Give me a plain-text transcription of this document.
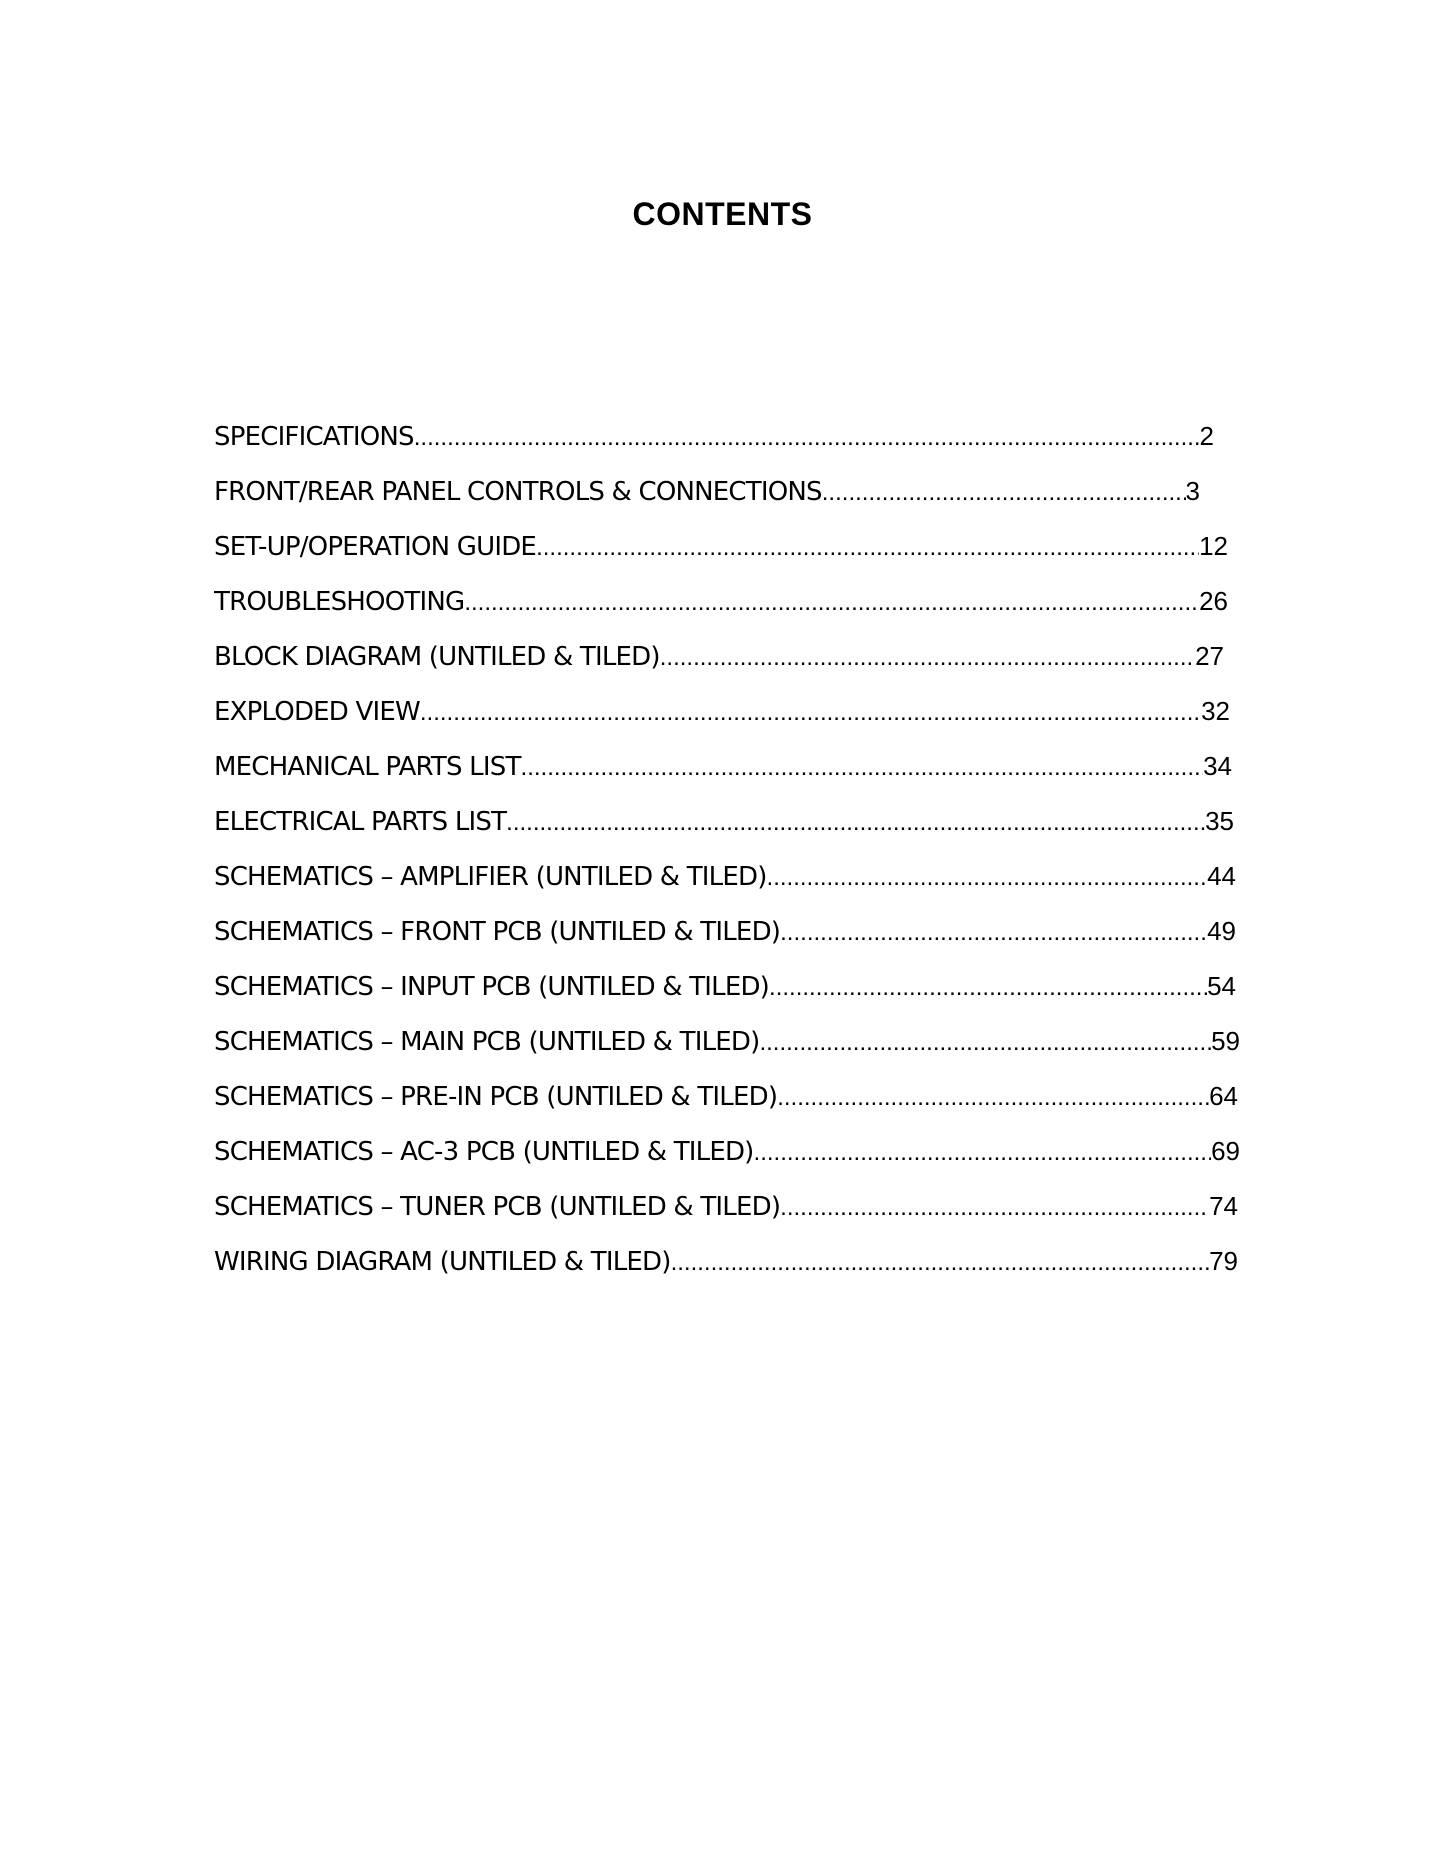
CONTENTS
SPECIFICATIONS .....	2
FRONT/REAR PANEL CONTROLS & CONNECTIONS .....	3
SET-UP/OPERATION GUIDE .....	12
TROUBLESHOOTING .....	26
BLOCK DIAGRAM (UNTILED & TILED) .....	27
EXPLODED VIEW .....	32
MECHANICAL PARTS LIST .....	34
ELECTRICAL PARTS LIST .....	35
SCHEMATICS – AMPLIFIER (UNTILED & TILED) .....	44
SCHEMATICS – FRONT PCB (UNTILED & TILED) .....	49
SCHEMATICS – INPUT PCB (UNTILED & TILED) .....	54
SCHEMATICS – MAIN PCB (UNTILED & TILED) .....	59
SCHEMATICS – PRE-IN PCB (UNTILED & TILED) .....	64
SCHEMATICS – AC-3 PCB (UNTILED & TILED) .....	69
SCHEMATICS – TUNER PCB (UNTILED & TILED) .....	74
WIRING DIAGRAM (UNTILED & TILED) .....	79
